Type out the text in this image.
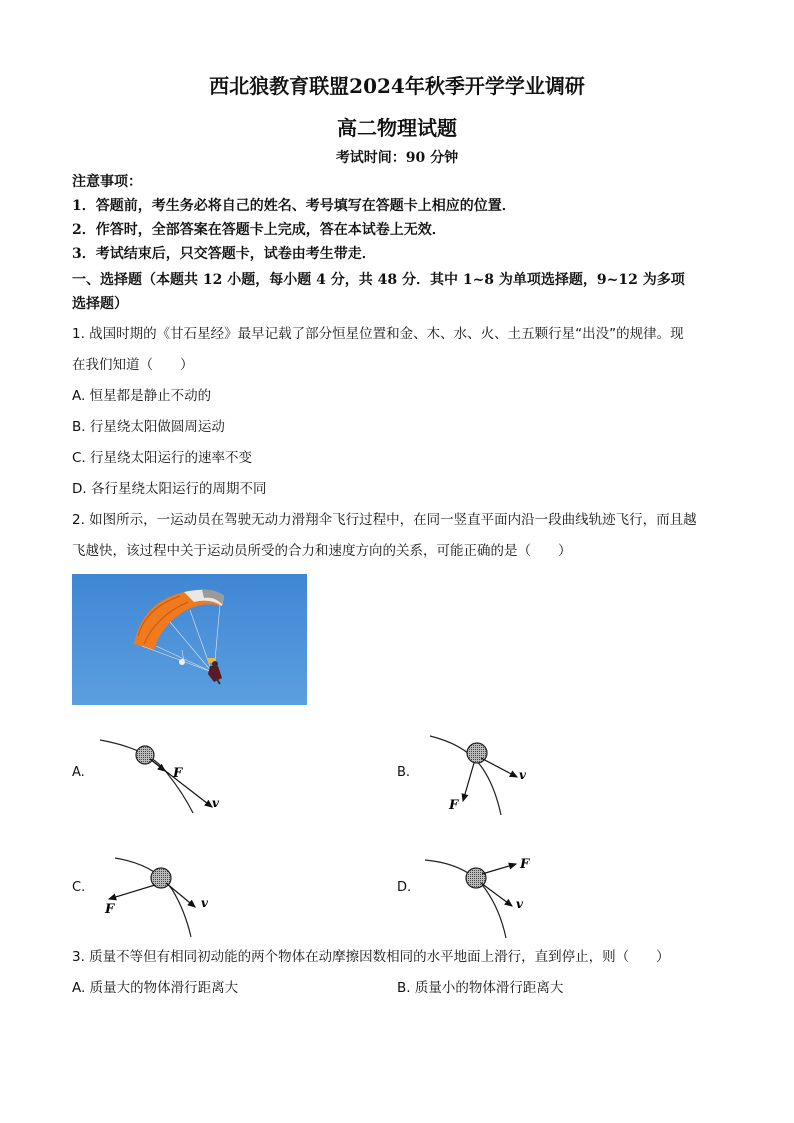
西北狼教育联盟2024年秋季开学学业调研
高二物理试题
考试时间：90 分钟
注意事项：
1．答题前，考生务必将自己的姓名、考号填写在答题卡上相应的位置．
2．作答时，全部答案在答题卡上完成，答在本试卷上无效．
3．考试结束后，只交答题卡，试卷由考生带走．
一、选择题（本题共 12 小题，每小题 4 分，共 48 分．其中 1~8 为单项选择题，9~12 为多项
选择题）
1. 战国时期的《甘石星经》最早记载了部分恒星位置和金、木、水、火、土五颗行星“出没”的规律。现
在我们知道（　　）
A. 恒星都是静止不动的
B. 行星绕太阳做圆周运动
C. 行星绕太阳运行的速率不变
D. 各行星绕太阳运行的周期不同
2. 如图所示，一运动员在驾驶无动力滑翔伞飞行过程中，在同一竖直平面内沿一段曲线轨迹飞行，而且越
飞越快，该过程中关于运动员所受的合力和速度方向的关系，可能正确的是（　　）
A.	B.
C.	D.
F
v
v
F
v
F	v
F
3. 质量不等但有相同初动能的两个物体在动摩擦因数相同的水平地面上滑行，直到停止，则（　　）
A. 质量大的物体滑行距离大	B. 质量小的物体滑行距离大
